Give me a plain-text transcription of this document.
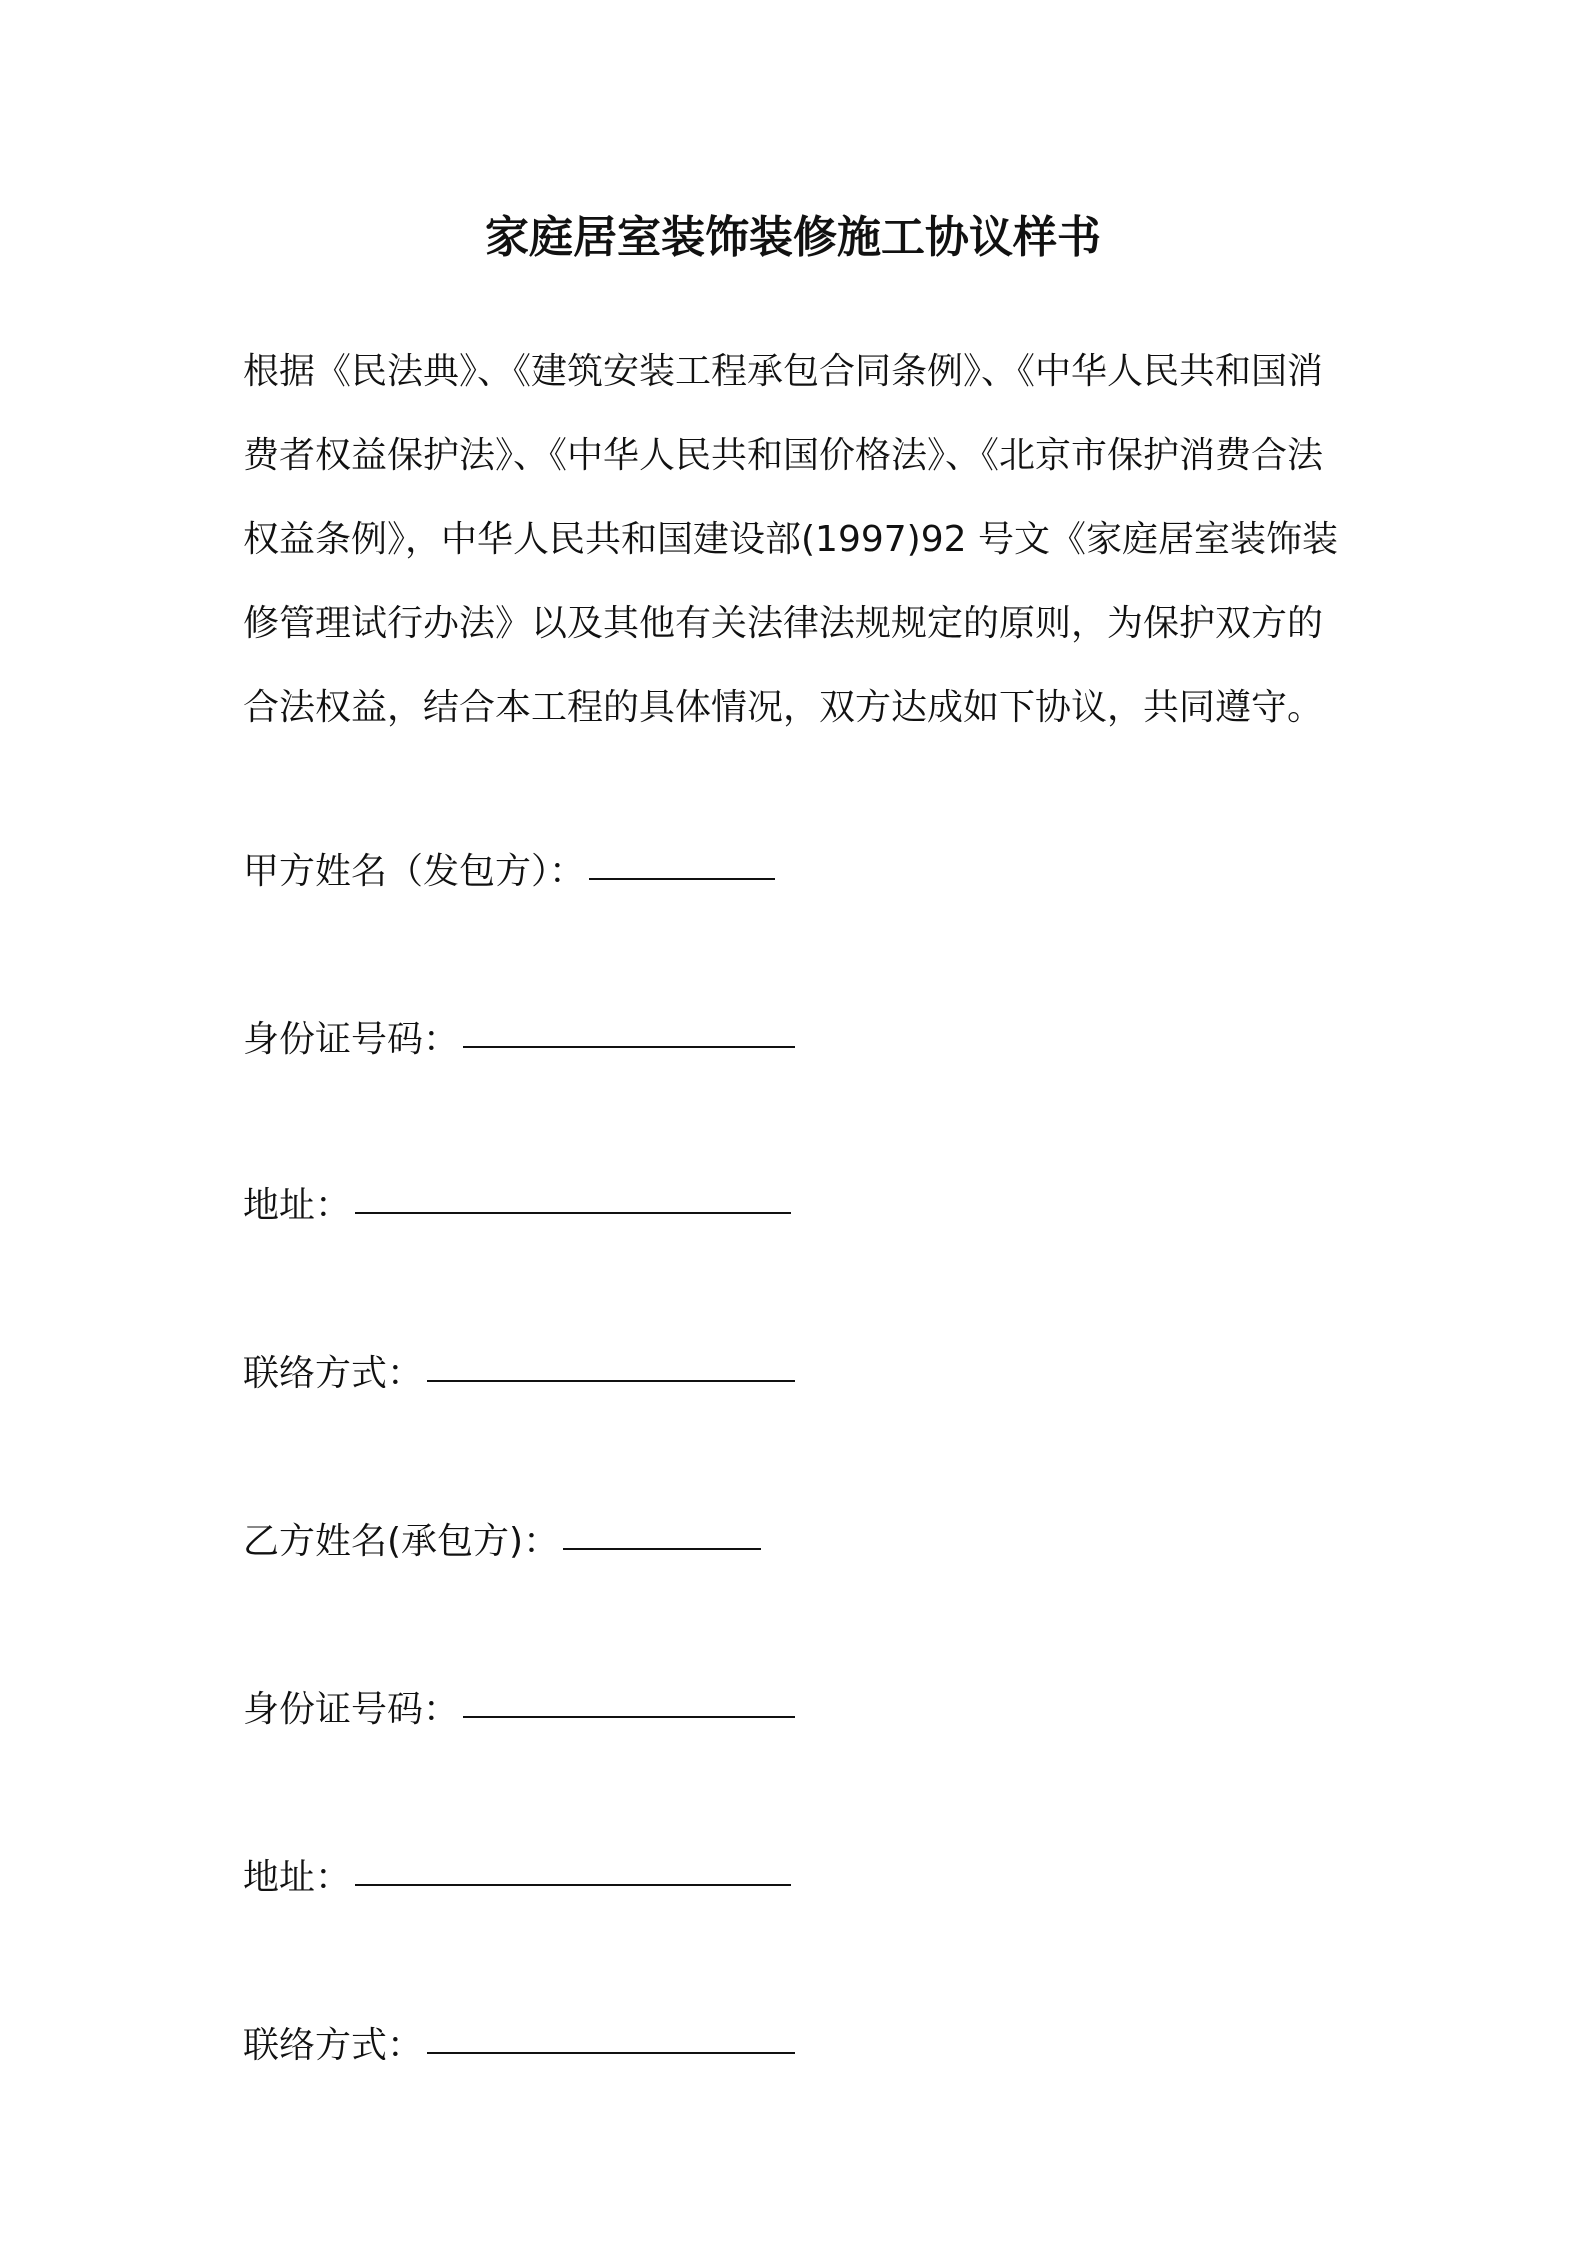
家庭居室装饰装修施工协议样书

根据《民法典》、《建筑安装工程承包合同条例》、《中华人民共和国消费者权益保护法》、《中华人民共和国价格法》、《北京市保护消费合法权益条例》，中华人民共和国建设部(1997)92 号文《家庭居室装饰装修管理试行办法》以及其他有关法律法规规定的原则，为保护双方的合法权益，结合本工程的具体情况，双方达成如下协议，共同遵守。

甲方姓名（发包方）：
身份证号码：
地址：
联络方式：
乙方姓名(承包方)：
身份证号码：
地址：
联络方式：
